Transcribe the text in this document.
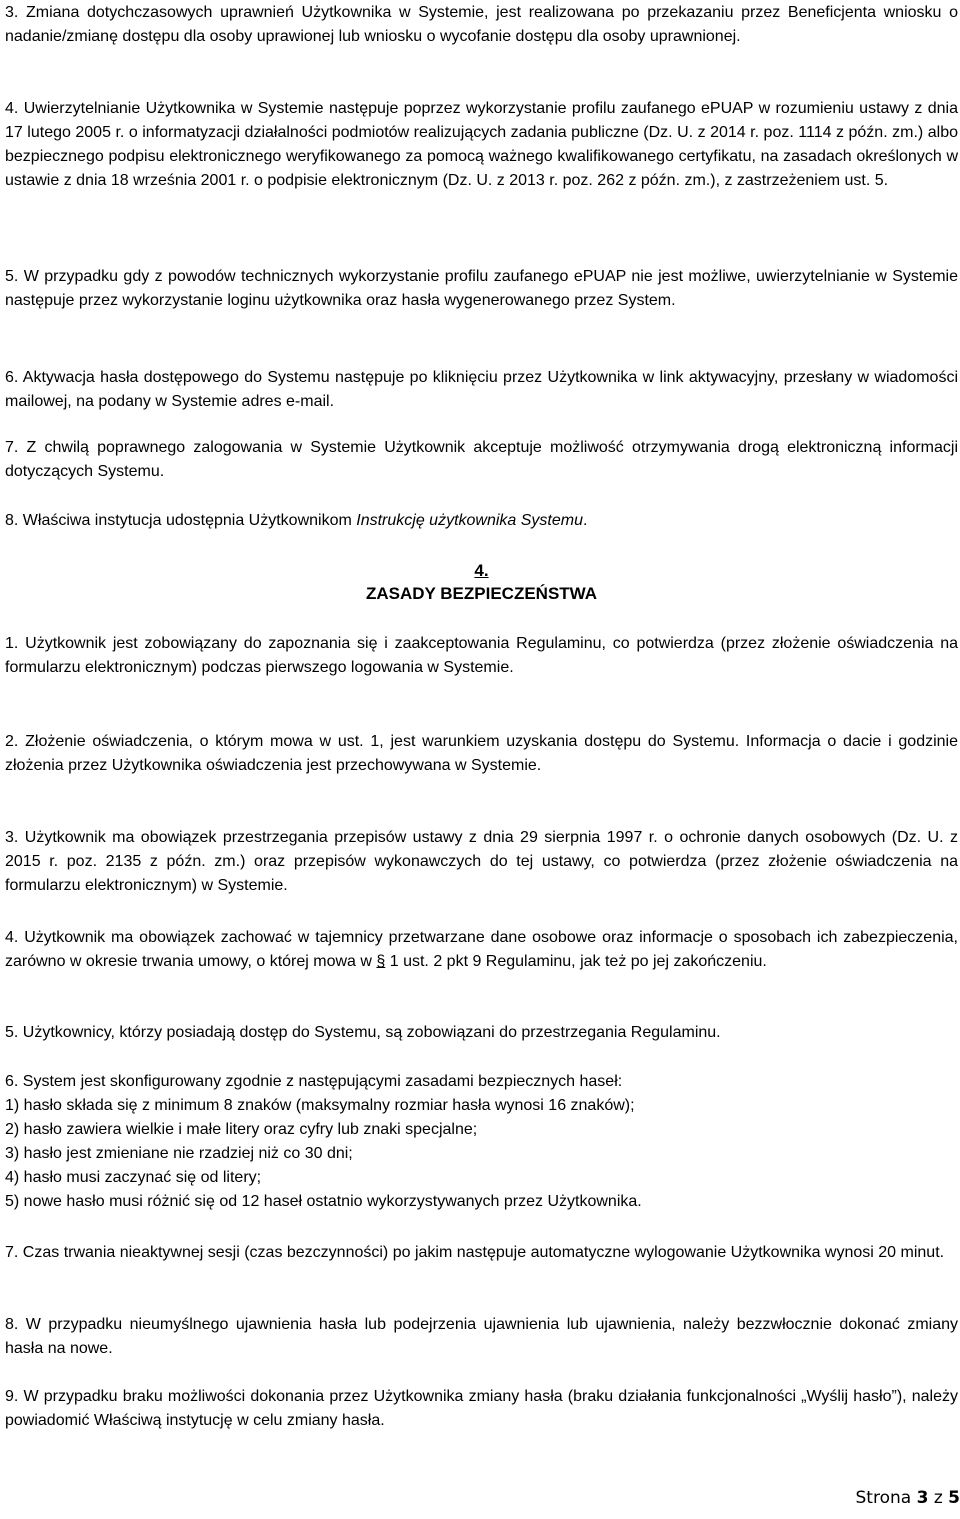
3. Zmiana dotychczasowych uprawnień Użytkownika w Systemie, jest realizowana po przekazaniu przez Beneficjenta wniosku o nadanie/zmianę dostępu dla osoby uprawionej lub wniosku o wycofanie dostępu dla osoby uprawnionej.

4. Uwierzytelnianie Użytkownika w Systemie następuje poprzez wykorzystanie profilu zaufanego ePUAP w rozumieniu ustawy z dnia 17 lutego 2005 r. o informatyzacji działalności podmiotów realizujących zadania publiczne (Dz. U. z 2014 r. poz. 1114 z późn. zm.) albo bezpiecznego podpisu elektronicznego weryfikowanego za pomocą ważnego kwalifikowanego certyfikatu, na zasadach określonych w ustawie z dnia 18 września 2001 r. o podpisie elektronicznym (Dz. U. z 2013 r. poz. 262 z późn. zm.), z zastrzeżeniem ust. 5.

5. W przypadku gdy z powodów technicznych wykorzystanie profilu zaufanego ePUAP nie jest możliwe, uwierzytelnianie w Systemie następuje przez wykorzystanie loginu użytkownika oraz hasła wygenerowanego przez System.

6. Aktywacja hasła dostępowego do Systemu następuje po kliknięciu przez Użytkownika w link aktywacyjny, przesłany w wiadomości mailowej, na podany w Systemie adres e-mail.

7. Z chwilą poprawnego zalogowania w Systemie Użytkownik akceptuje możliwość otrzymywania drogą elektroniczną informacji dotyczących Systemu.

8. Właściwa instytucja udostępnia Użytkownikom Instrukcję użytkownika Systemu.

4.
ZASADY BEZPIECZEŃSTWA

1. Użytkownik jest zobowiązany do zapoznania się i zaakceptowania Regulaminu, co potwierdza (przez złożenie oświadczenia na formularzu elektronicznym) podczas pierwszego logowania w Systemie.

2. Złożenie oświadczenia, o którym mowa w ust. 1, jest warunkiem uzyskania dostępu do Systemu. Informacja o dacie i godzinie złożenia przez Użytkownika oświadczenia jest przechowywana w Systemie.

3. Użytkownik ma obowiązek przestrzegania przepisów ustawy z dnia 29 sierpnia 1997 r. o ochronie danych osobowych (Dz. U. z 2015 r. poz. 2135 z późn. zm.) oraz przepisów wykonawczych do tej ustawy, co potwierdza (przez złożenie oświadczenia na formularzu elektronicznym) w Systemie.

4. Użytkownik ma obowiązek zachować w tajemnicy przetwarzane dane osobowe oraz informacje o sposobach ich zabezpieczenia, zarówno w okresie trwania umowy, o której mowa w § 1 ust. 2 pkt 9 Regulaminu, jak też po jej zakończeniu.

5. Użytkownicy, którzy posiadają dostęp do Systemu, są zobowiązani do przestrzegania Regulaminu.

6. System jest skonfigurowany zgodnie z następującymi zasadami bezpiecznych haseł:
1) hasło składa się z minimum 8 znaków (maksymalny rozmiar hasła wynosi 16 znaków);
2) hasło zawiera wielkie i małe litery oraz cyfry lub znaki specjalne;
3) hasło jest zmieniane nie rzadziej niż co 30 dni;
4) hasło musi zaczynać się od litery;
5) nowe hasło musi różnić się od 12 haseł ostatnio wykorzystywanych przez Użytkownika.

7. Czas trwania nieaktywnej sesji (czas bezczynności) po jakim następuje automatyczne wylogowanie Użytkownika wynosi 20 minut.

8. W przypadku nieumyślnego ujawnienia hasła lub podejrzenia ujawnienia lub ujawnienia, należy bezzwłocznie dokonać zmiany hasła na nowe.

9. W przypadku braku możliwości dokonania przez Użytkownika zmiany hasła (braku działania funkcjonalności „Wyślij hasło”), należy powiadomić Właściwą instytucję w celu zmiany hasła.

Strona 3 z 5
